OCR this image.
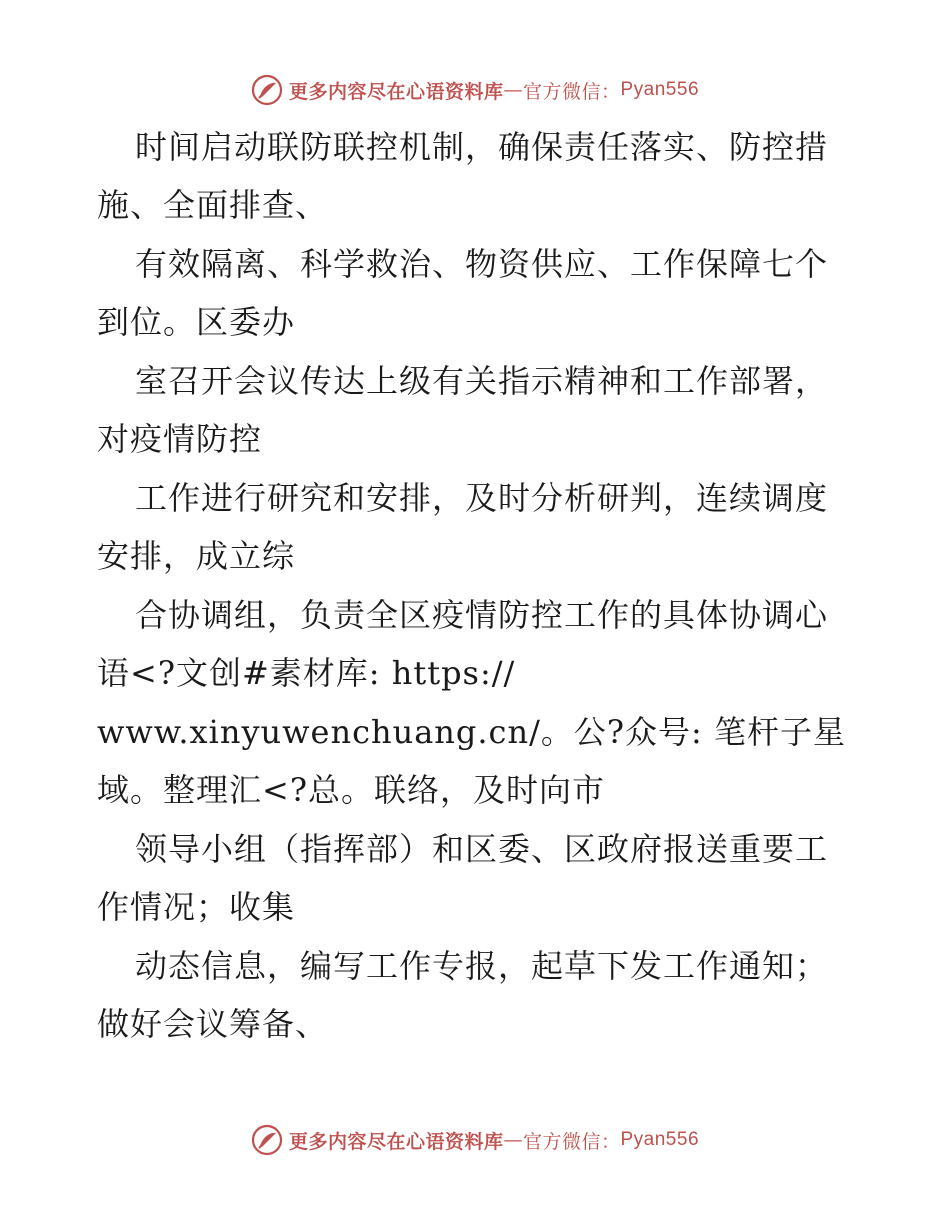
更多内容尽在心语资料库 — 官方微信： Pyan556
时间启动联防联控机制，确保责任落实、防控措
施、全面排查、
有效隔离、科学救治、物资供应、工作保障七个
到位。区委办
室召开会议传达上级有关指示精神和工作部署，
对疫情防控
工作进行研究和安排，及时分析研判，连续调度
安排，成立综
合协调组，负责全区疫情防控工作的具体协调心
语<?文创#素材库: https://
www.xinyuwenchuang.cn/。公?众号: 笔杆子星
域。整理汇<?总。联络，及时向市
领导小组（指挥部）和区委、区政府报送重要工
作情况；收集
动态信息，编写工作专报，起草下发工作通知；
做好会议筹备、
更多内容尽在心语资料库 — 官方微信： Pyan556
